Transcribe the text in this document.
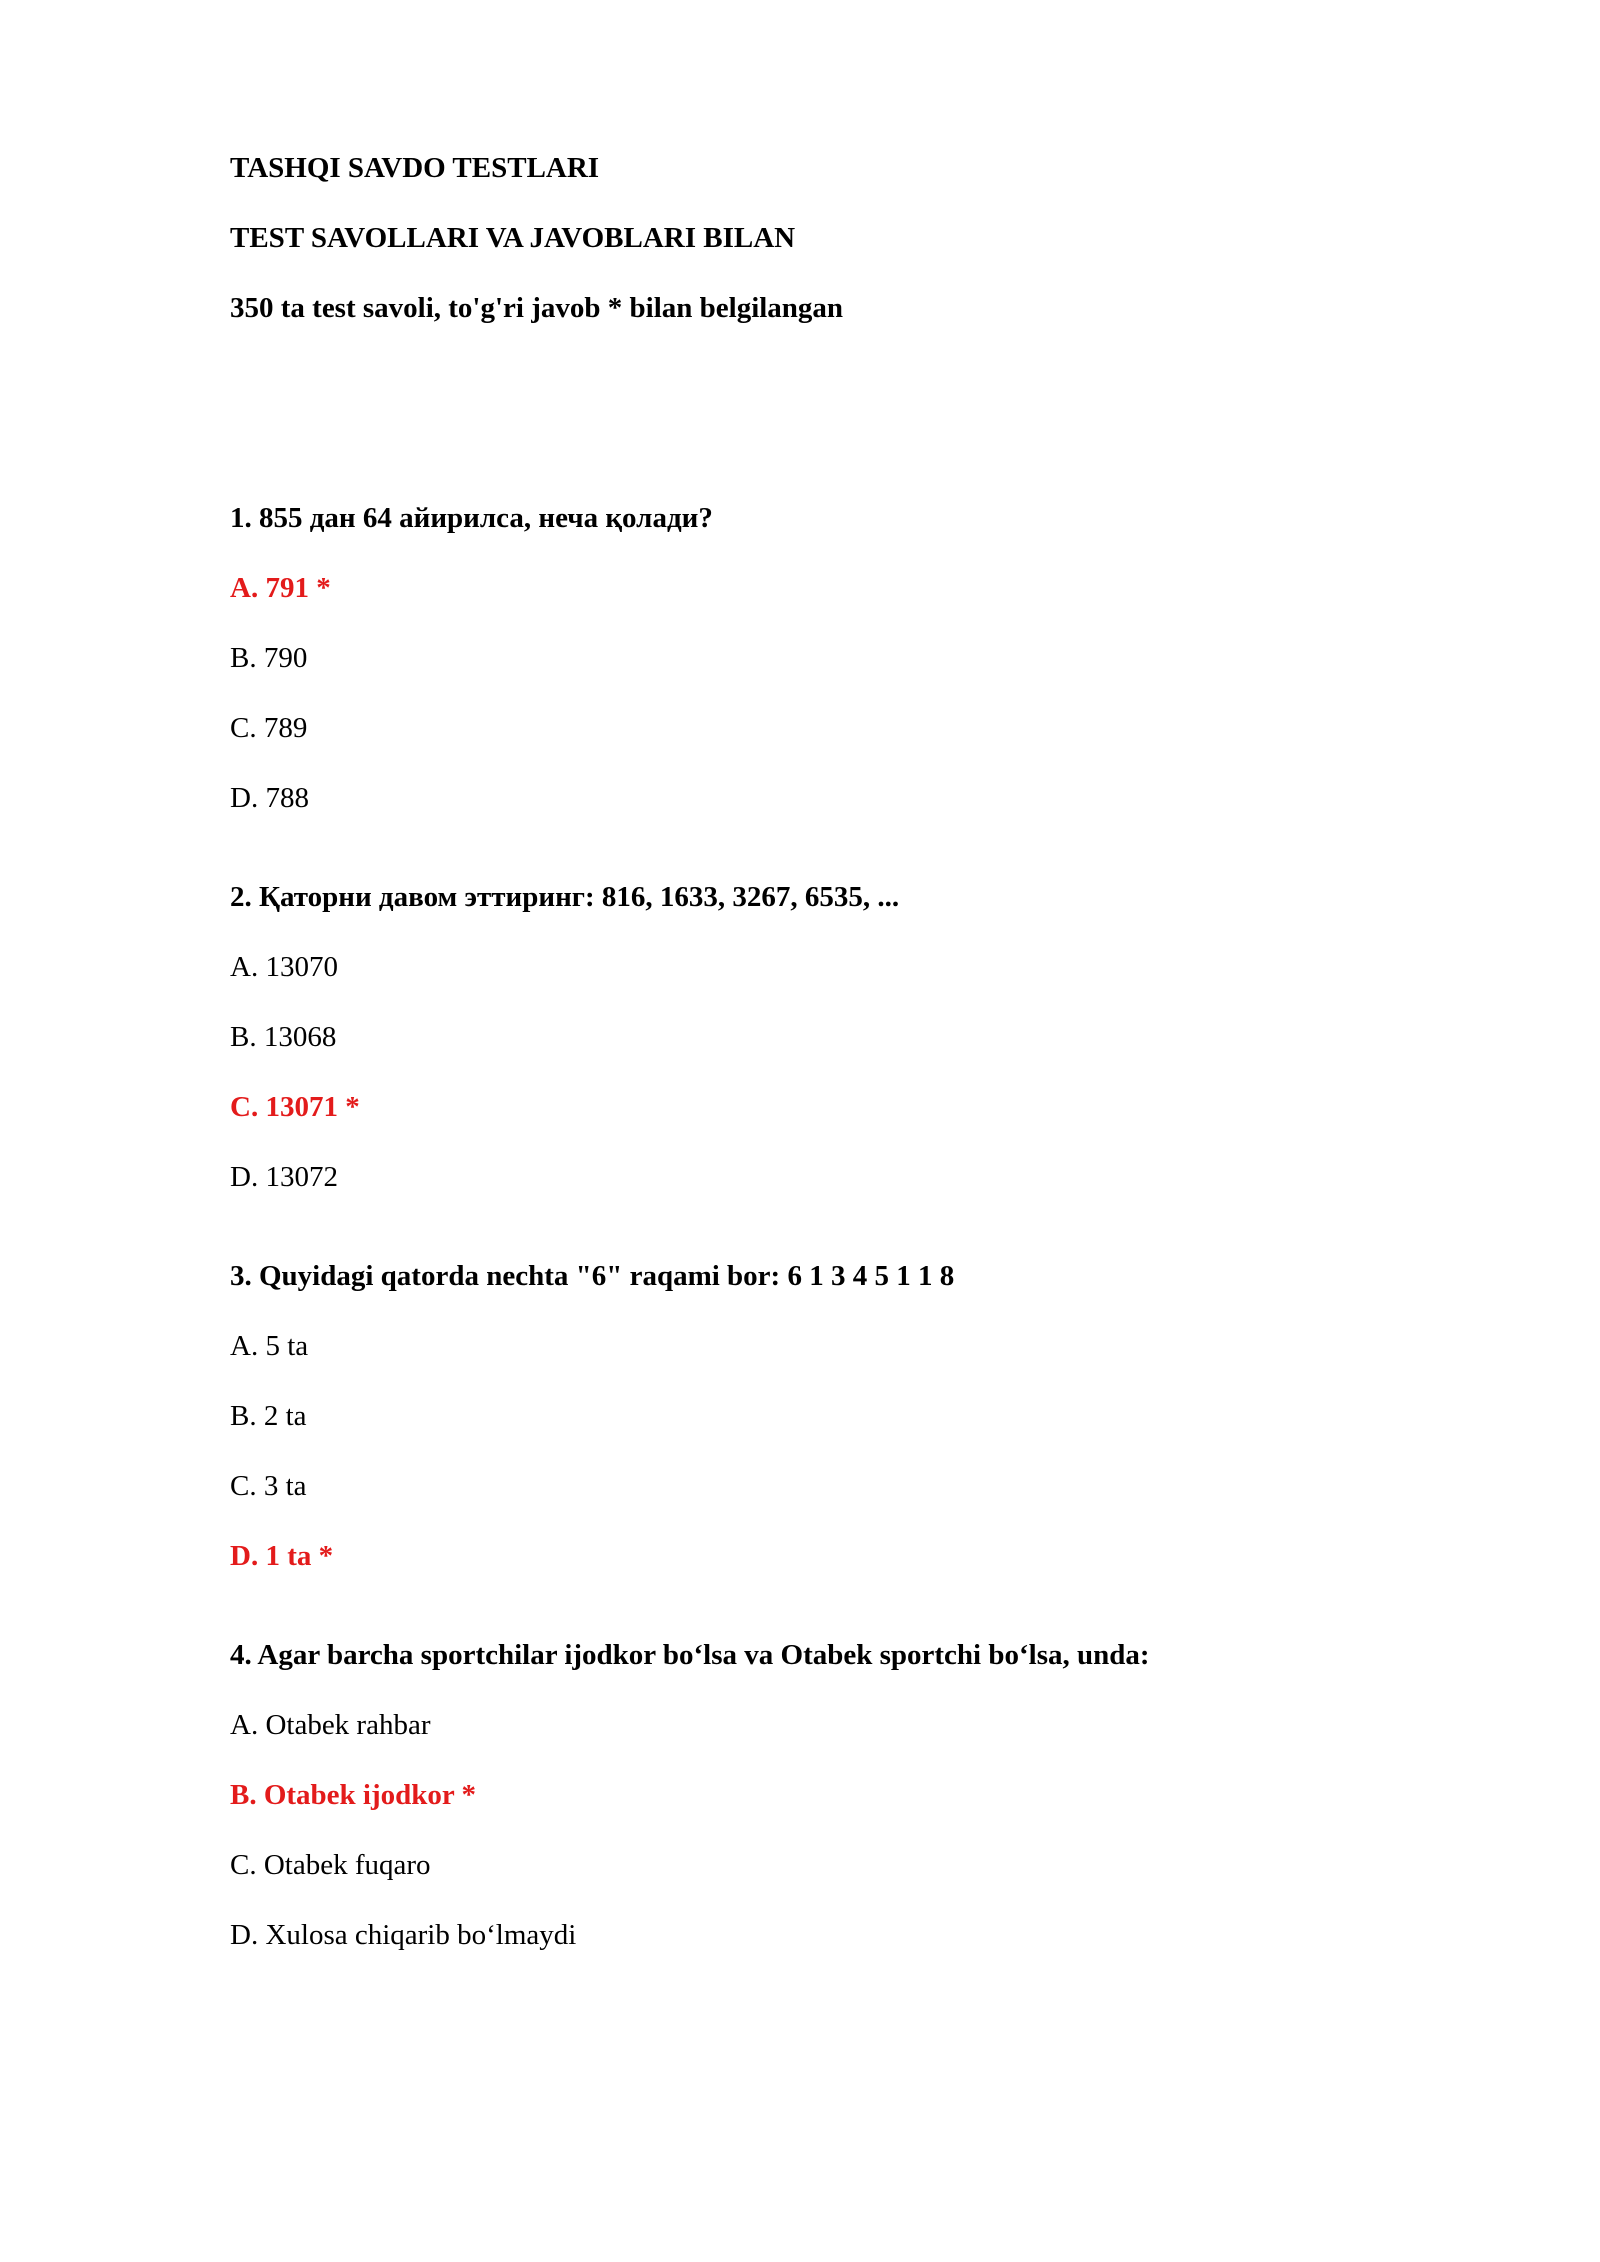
TASHQI SAVDO TESTLARI
TEST SAVOLLARI VA JAVOBLARI BILAN
350 ta test savoli, to'g'ri javob * bilan belgilangan
1. 855 дан 64 айирилса, неча қолади?
A. 791 *
B. 790
C. 789
D. 788
2. Қаторни давом эттиринг: 816, 1633, 3267, 6535, ...
A. 13070
B. 13068
C. 13071 *
D. 13072
3. Quyidagi qatorda nechta "6" raqami bor: 6 1 3 4 5 1 1 8
A. 5 ta
B. 2 ta
C. 3 ta
D. 1 ta *
4. Agar barcha sportchilar ijodkor bo‘lsa va Otabek sportchi bo‘lsa, unda:
A. Otabek rahbar
B. Otabek ijodkor *
C. Otabek fuqaro
D. Xulosa chiqarib bo‘lmaydi
